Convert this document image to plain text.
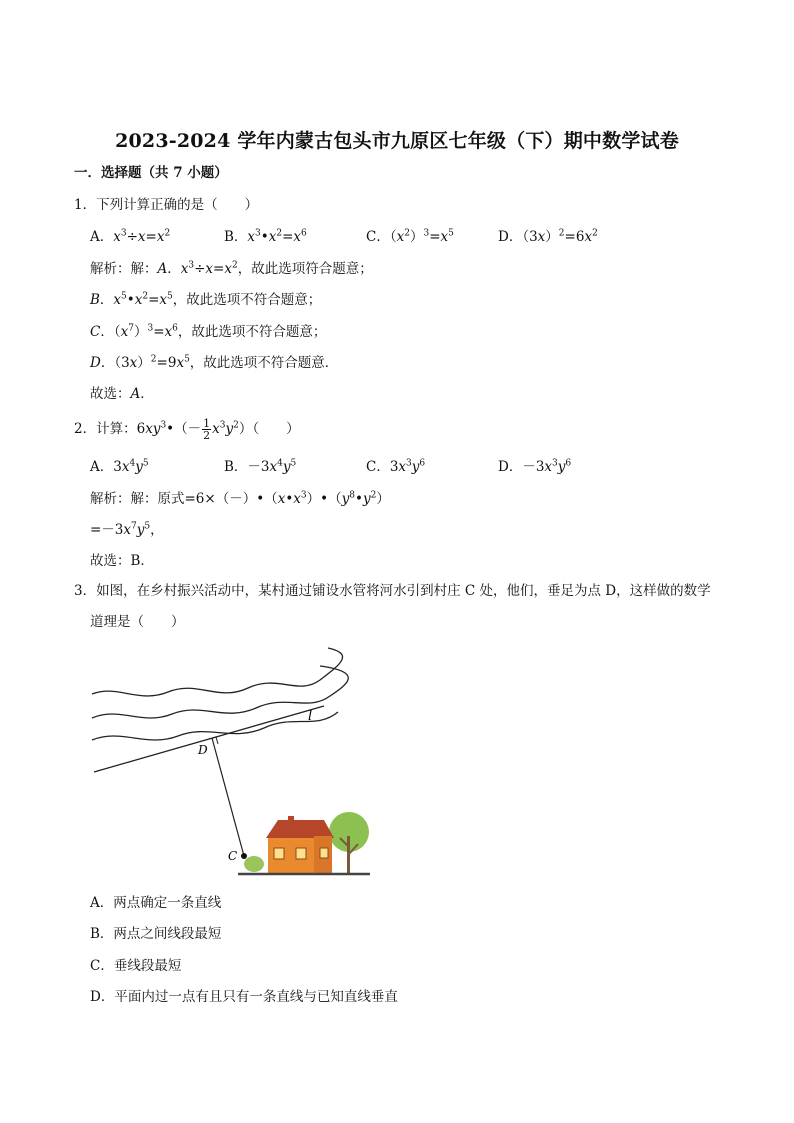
2023-2024 学年内蒙古包头市九原区七年级（下）期中数学试卷
一．选择题（共 7 小题）
1．下列计算正确的是（　　）
A．$x^3\div x=x^2$	B．$x^3•x^2=x^6$	C．$(x^2)^3=x^5$	D．$(3x)^2=6x^2$
解析：解：A．$x^3\div x=x^2$，故此选项符合题意；
B．$x^5•x^2=x^5$，故此选项不符合题意；
C．$(x^7)^3=x^6$，故此选项不符合题意；
D．$(3x)^2=9x^5$，故此选项不符合题意．
故选：A．
2．计算：$6xy^3•(- \frac{1}{2} x^3y^2)$（　　）
A．$3x^4y^5$	B．$-3x^4y^5$	C．$3x^3y^6$	D．$-3x^3y^6$
解析：解：原式$=6\times(-)•(x•x^3)•(y^8•y^2)$
$=-3x^7y^5$，
故选：B．
3．如图，在乡村振兴活动中，某村通过铺设水管将河水引到村庄 C 处，他们，垂足为点 D，这样做的数学
道理是（　　）
l
D
C
A．两点确定一条直线
B．两点之间线段最短
C．垂线段最短
D．平面内过一点有且只有一条直线与已知直线垂直
